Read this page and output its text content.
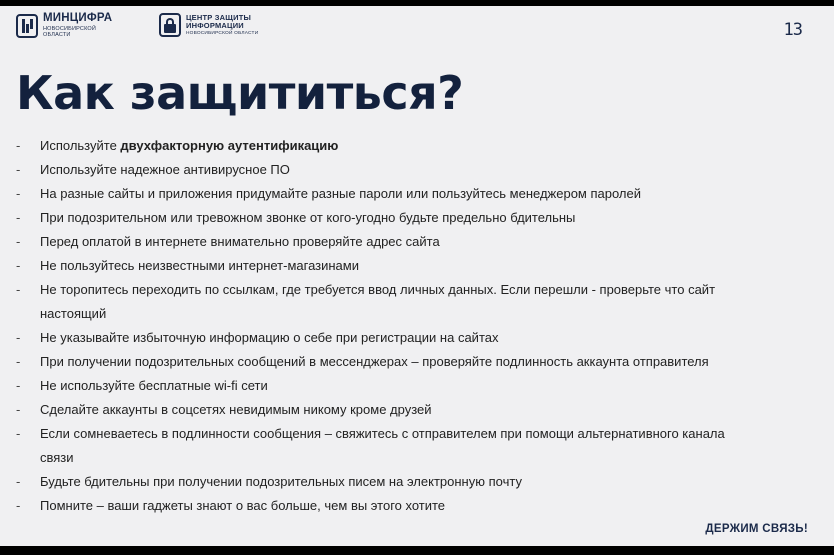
МИНЦИФРА
НОВОСИБИРСКОЙ
ОБЛАСТИ
ЦЕНТР ЗАЩИТЫ
ИНФОРМАЦИИ
НОВОСИБИРСКОЙ ОБЛАСТИ	13
Как защититься?
- Используйте двухфакторную аутентификацию
- Используйте надежное антивирусное ПО
- На разные сайты и приложения придумайте разные пароли или пользуйтесь менеджером паролей
- При подозрительном или тревожном звонке от кого-угодно будьте предельно бдительны
- Перед оплатой в интернете внимательно проверяйте адрес сайта
- Не пользуйтесь неизвестными интернет-магазинами
- Не торопитесь переходить по ссылкам, где требуется ввод личных данных. Если перешли - проверьте что сайт
настоящий
- Не указывайте избыточную информацию о себе при регистрации на сайтах
- При получении подозрительных сообщений в мессенджерах – проверяйте подлинность аккаунта отправителя
- Не используйте бесплатные wi-fi сети
- Сделайте аккаунты в соцсетях невидимым никому кроме друзей
- Если сомневаетесь в подлинности сообщения – свяжитесь с отправителем при помощи альтернативного канала
связи
- Будьте бдительны при получении подозрительных писем на электронную почту
- Помните – ваши гаджеты знают о вас больше, чем вы этого хотите
ДЕРЖИМ СВЯЗЬ!
